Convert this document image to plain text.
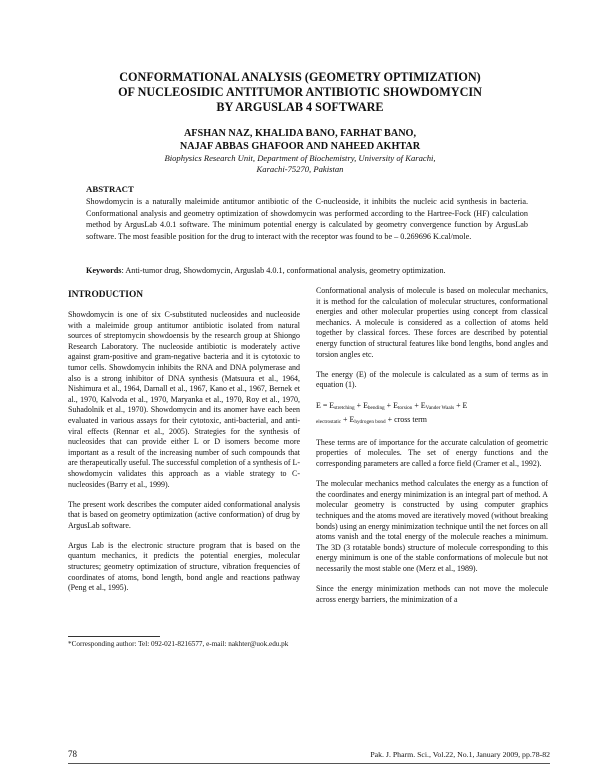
CONFORMATIONAL ANALYSIS (GEOMETRY OPTIMIZATION)
OF NUCLEOSIDIC ANTITUMOR ANTIBIOTIC SHOWDOMYCIN
BY ARGUSLAB 4 SOFTWARE
AFSHAN NAZ, KHALIDA BANO, FARHAT BANO,
NAJAF ABBAS GHAFOOR AND NAHEED AKHTAR
Biophysics Research Unit, Department of Biochemistry, University of Karachi,
Karachi-75270, Pakistan
ABSTRACT
Showdomycin is a naturally maleimide antitumor antibiotic of the C-nucleoside, it inhibits the nucleic acid synthesis in bacteria. Conformational analysis and geometry optimization of showdomycin was performed according to the Hartree-Fock (HF) calculation method by ArgusLab 4.0.1 software. The minimum potential energy is calculated by geometry convergence function by ArgusLab software. The most feasible position for the drug to interact with the receptor was found to be – 0.269696 K.cal/mole.
Keywords: Anti-tumor drug, Showdomycin, Arguslab 4.0.1, conformational analysis, geometry optimization.
INTRODUCTION

Showdomycin is one of six C-substituted nucleosides and nucleoside with a maleimide group antitumor antibiotic isolated from natural sources of streptomycin showdoensis by the research group at Shiongo Research Laboratory. The nucleoside antibiotic is moderately active against gram-positive and gram-negative bacteria and it is cytotoxic to tumor cells. Showdomycin inhibits the RNA and DNA polymerase and also is a strong inhibitor of DNA synthesis (Matsuura et al., 1964, Nishimura et al., 1964, Darnall et al., 1967, Kano et al., 1967, Bernek et al., 1970, Kalvoda et al., 1970, Maryanka et al., 1970, Roy et al., 1970, Suhadolnik et al., 1970). Showdomycin and its anomer have each been evaluated in various assays for their cytotoxic, anti-bacterial, and anti-viral effects (Rennar et al., 2005). Strategies for the synthesis of nucleosides that can provide either L or D isomers become more important as a result of the increasing number of such compounds that are therapeutically useful. The successful completion of a synthesis of L-showdomycin validates this approach as a viable strategy to C-nucleosides (Barry et al., 1999).

The present work describes the computer aided conformational analysis that is based on geometry optimization (active conformation) of drug by ArgusLab software.

Argus Lab is the electronic structure program that is based on the quantum mechanics, it predicts the potential energies, molecular structures; geometry optimization of structure, vibration frequencies of coordinates of atoms, bond length, bond angle and reactions pathway (Peng et al., 1995).

Conformational analysis of molecule is based on molecular mechanics, it is method for the calculation of molecular structures, conformational energies and other molecular properties using concept from classical mechanics. A molecule is considered as a collection of atoms held together by classical forces. These forces are described by potential energy function of structural features like bond lengths, bond angles and torsion angles etc.

The energy (E) of the molecule is calculated as a sum of terms as in equation (1).

$E = E_{stretching} + E_{bending} + E_{torsion} + E_{Vander Waals} + E$
$_{electrostatic} + E_{hydrogen bond}$ + cross term

These terms are of importance for the accurate calculation of geometric properties of molecules. The set of energy functions and the corresponding parameters are called a force field (Cramer et al., 1992).

The molecular mechanics method calculates the energy as a function of the coordinates and energy minimization is an integral part of method. A molecular geometry is constructed by using computer graphics techniques and the atoms moved are iteratively moved (without breaking bonds) using an energy minimization technique until the net forces on all atoms vanish and the total energy of the molecule reaches a minimum. The 3D (3 rotatable bonds) structure of molecule corresponding to this energy minimum is one of the stable conformations of molecule but not necessarily the most stable one (Merz et al., 1989).

Since the energy minimization methods can not move the molecule across energy barriers, the minimization of a

*Corresponding author: Tel: 092-021-8216577, e-mail: nakhter@uok.edu.pk
78	Pak. J. Pharm. Sci., Vol.22, No.1, January 2009, pp.78-82
